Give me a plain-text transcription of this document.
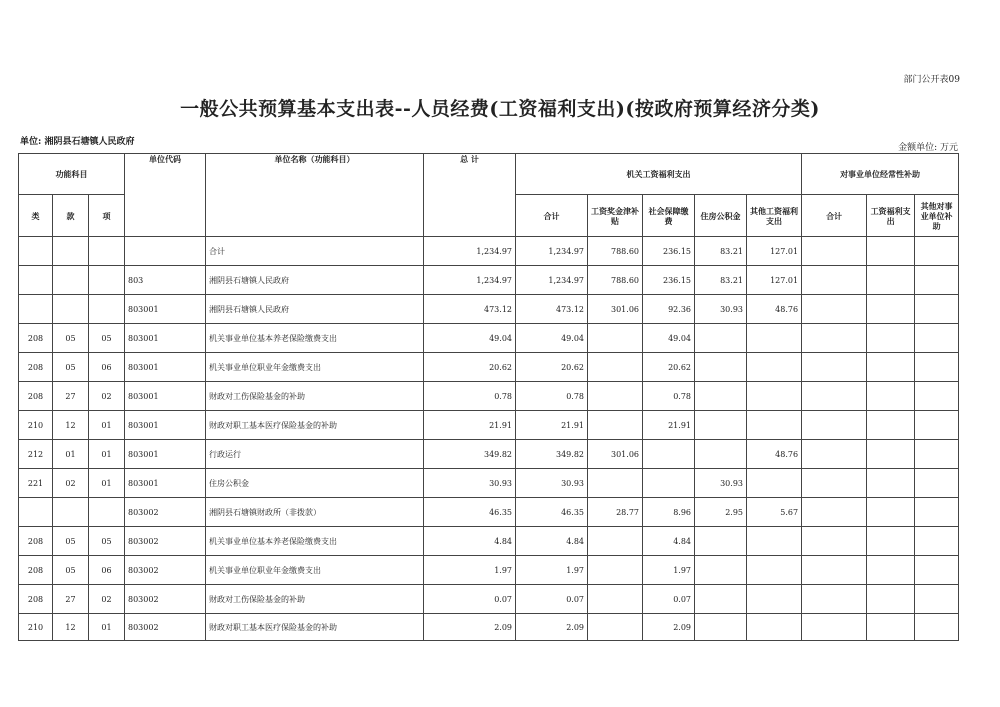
部门公开表09
一般公共预算基本支出表--人员经费(工资福利支出)(按政府预算经济分类)
单位: 湘阴县石塘镇人民政府
金额单位: 万元
功能科目			单位代码	单位名称（功能科目）	总 计	机关工资福利支出					对事业单位经常性补助		
类	款	项				合计	工资奖金津补贴	社会保障缴费	住房公积金	其他工资福利支出	合计	工资福利支出	其他对事业单位补助
				合计	1,234.97	1,234.97	788.60	236.15	83.21	127.01			
			803	湘阴县石塘镇人民政府	1,234.97	1,234.97	788.60	236.15	83.21	127.01			
			803001	湘阴县石塘镇人民政府	473.12	473.12	301.06	92.36	30.93	48.76			
208	05	05	803001	机关事业单位基本养老保险缴费支出	49.04	49.04		49.04					
208	05	06	803001	机关事业单位职业年金缴费支出	20.62	20.62		20.62					
208	27	02	803001	财政对工伤保险基金的补助	0.78	0.78		0.78					
210	12	01	803001	财政对职工基本医疗保险基金的补助	21.91	21.91		21.91					
212	01	01	803001	行政运行	349.82	349.82	301.06			48.76			
221	02	01	803001	住房公积金	30.93	30.93			30.93				
			803002	湘阴县石塘镇财政所（非拨款）	46.35	46.35	28.77	8.96	2.95	5.67			
208	05	05	803002	机关事业单位基本养老保险缴费支出	4.84	4.84		4.84					
208	05	06	803002	机关事业单位职业年金缴费支出	1.97	1.97		1.97					
208	27	02	803002	财政对工伤保险基金的补助	0.07	0.07		0.07					
210	12	01	803002	财政对职工基本医疗保险基金的补助	2.09	2.09		2.09					
